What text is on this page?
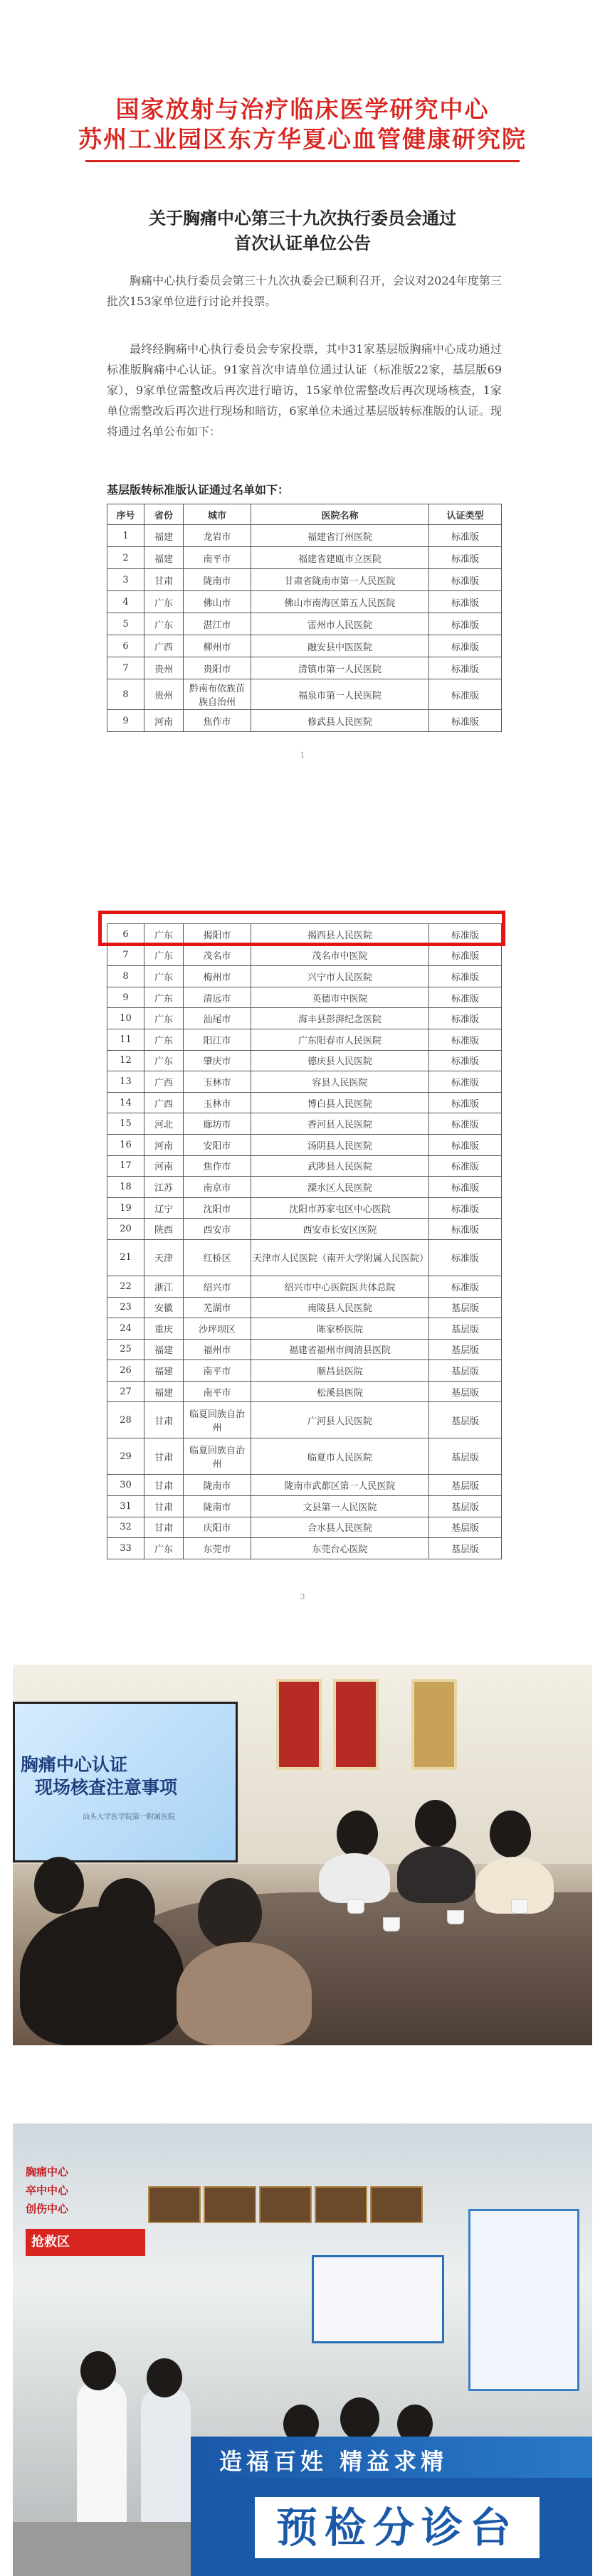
国家放射与治疗临床医学研究中心
苏州工业园区东方华夏心血管健康研究院
关于胸痛中心第三十九次执行委员会通过
首次认证单位公告
胸痛中心执行委员会第三十九次执委会已顺利召开，会议对2024年度第三批次153家单位进行讨论并投票。
最终经胸痛中心执行委员会专家投票，其中31家基层版胸痛中心成功通过标准版胸痛中心认证。91家首次申请单位通过认证（标准版22家，基层版69家），9家单位需整改后再次进行暗访，15家单位需整改后再次现场核查，1家单位需整改后再次进行现场和暗访，6家单位未通过基层版转标准版的认证。现将通过名单公布如下：
基层版转标准版认证通过名单如下：
序号	省份	城市	医院名称	认证类型
1	福建	龙岩市	福建省汀州医院	标准版
2	福建	南平市	福建省建瓯市立医院	标准版
3	甘肃	陇南市	甘肃省陇南市第一人民医院	标准版
4	广东	佛山市	佛山市南海区第五人民医院	标准版
5	广东	湛江市	雷州市人民医院	标准版
6	广西	柳州市	融安县中医医院	标准版
7	贵州	贵阳市	清镇市第一人民医院	标准版
8	贵州	黔南布依族苗族自治州	福泉市第一人民医院	标准版
9	河南	焦作市	修武县人民医院	标准版
1
6	广东	揭阳市	揭西县人民医院	标准版
7	广东	茂名市	茂名市中医院	标准版
8	广东	梅州市	兴宁市人民医院	标准版
9	广东	清远市	英德市中医院	标准版
10	广东	汕尾市	海丰县彭湃纪念医院	标准版
11	广东	阳江市	广东阳春市人民医院	标准版
12	广东	肇庆市	德庆县人民医院	标准版
13	广西	玉林市	容县人民医院	标准版
14	广西	玉林市	博白县人民医院	标准版
15	河北	廊坊市	香河县人民医院	标准版
16	河南	安阳市	汤阴县人民医院	标准版
17	河南	焦作市	武陟县人民医院	标准版
18	江苏	南京市	溧水区人民医院	标准版
19	辽宁	沈阳市	沈阳市苏家屯区中心医院	标准版
20	陕西	西安市	西安市长安区医院	标准版
21	天津	红桥区	天津市人民医院（南开大学附属人民医院）	标准版
22	浙江	绍兴市	绍兴市中心医院医共体总院	标准版
23	安徽	芜湖市	南陵县人民医院	基层版
24	重庆	沙坪坝区	陈家桥医院	基层版
25	福建	福州市	福建省福州市闽清县医院	基层版
26	福建	南平市	顺昌县医院	基层版
27	福建	南平市	松溪县医院	基层版
28	甘肃	临夏回族自治州	广河县人民医院	基层版
29	甘肃	临夏回族自治州	临夏市人民医院	基层版
30	甘肃	陇南市	陇南市武都区第一人民医院	基层版
31	甘肃	陇南市	文县第一人民医院	基层版
32	甘肃	庆阳市	合水县人民医院	基层版
33	广东	东莞市	东莞台心医院	基层版
3
胸痛中心认证
现场核查注意事项
汕头大学医学院第一附属医院
胸痛中心
卒中中心
创伤中心
抢救区
造福百姓 精益求精
预检分诊台
